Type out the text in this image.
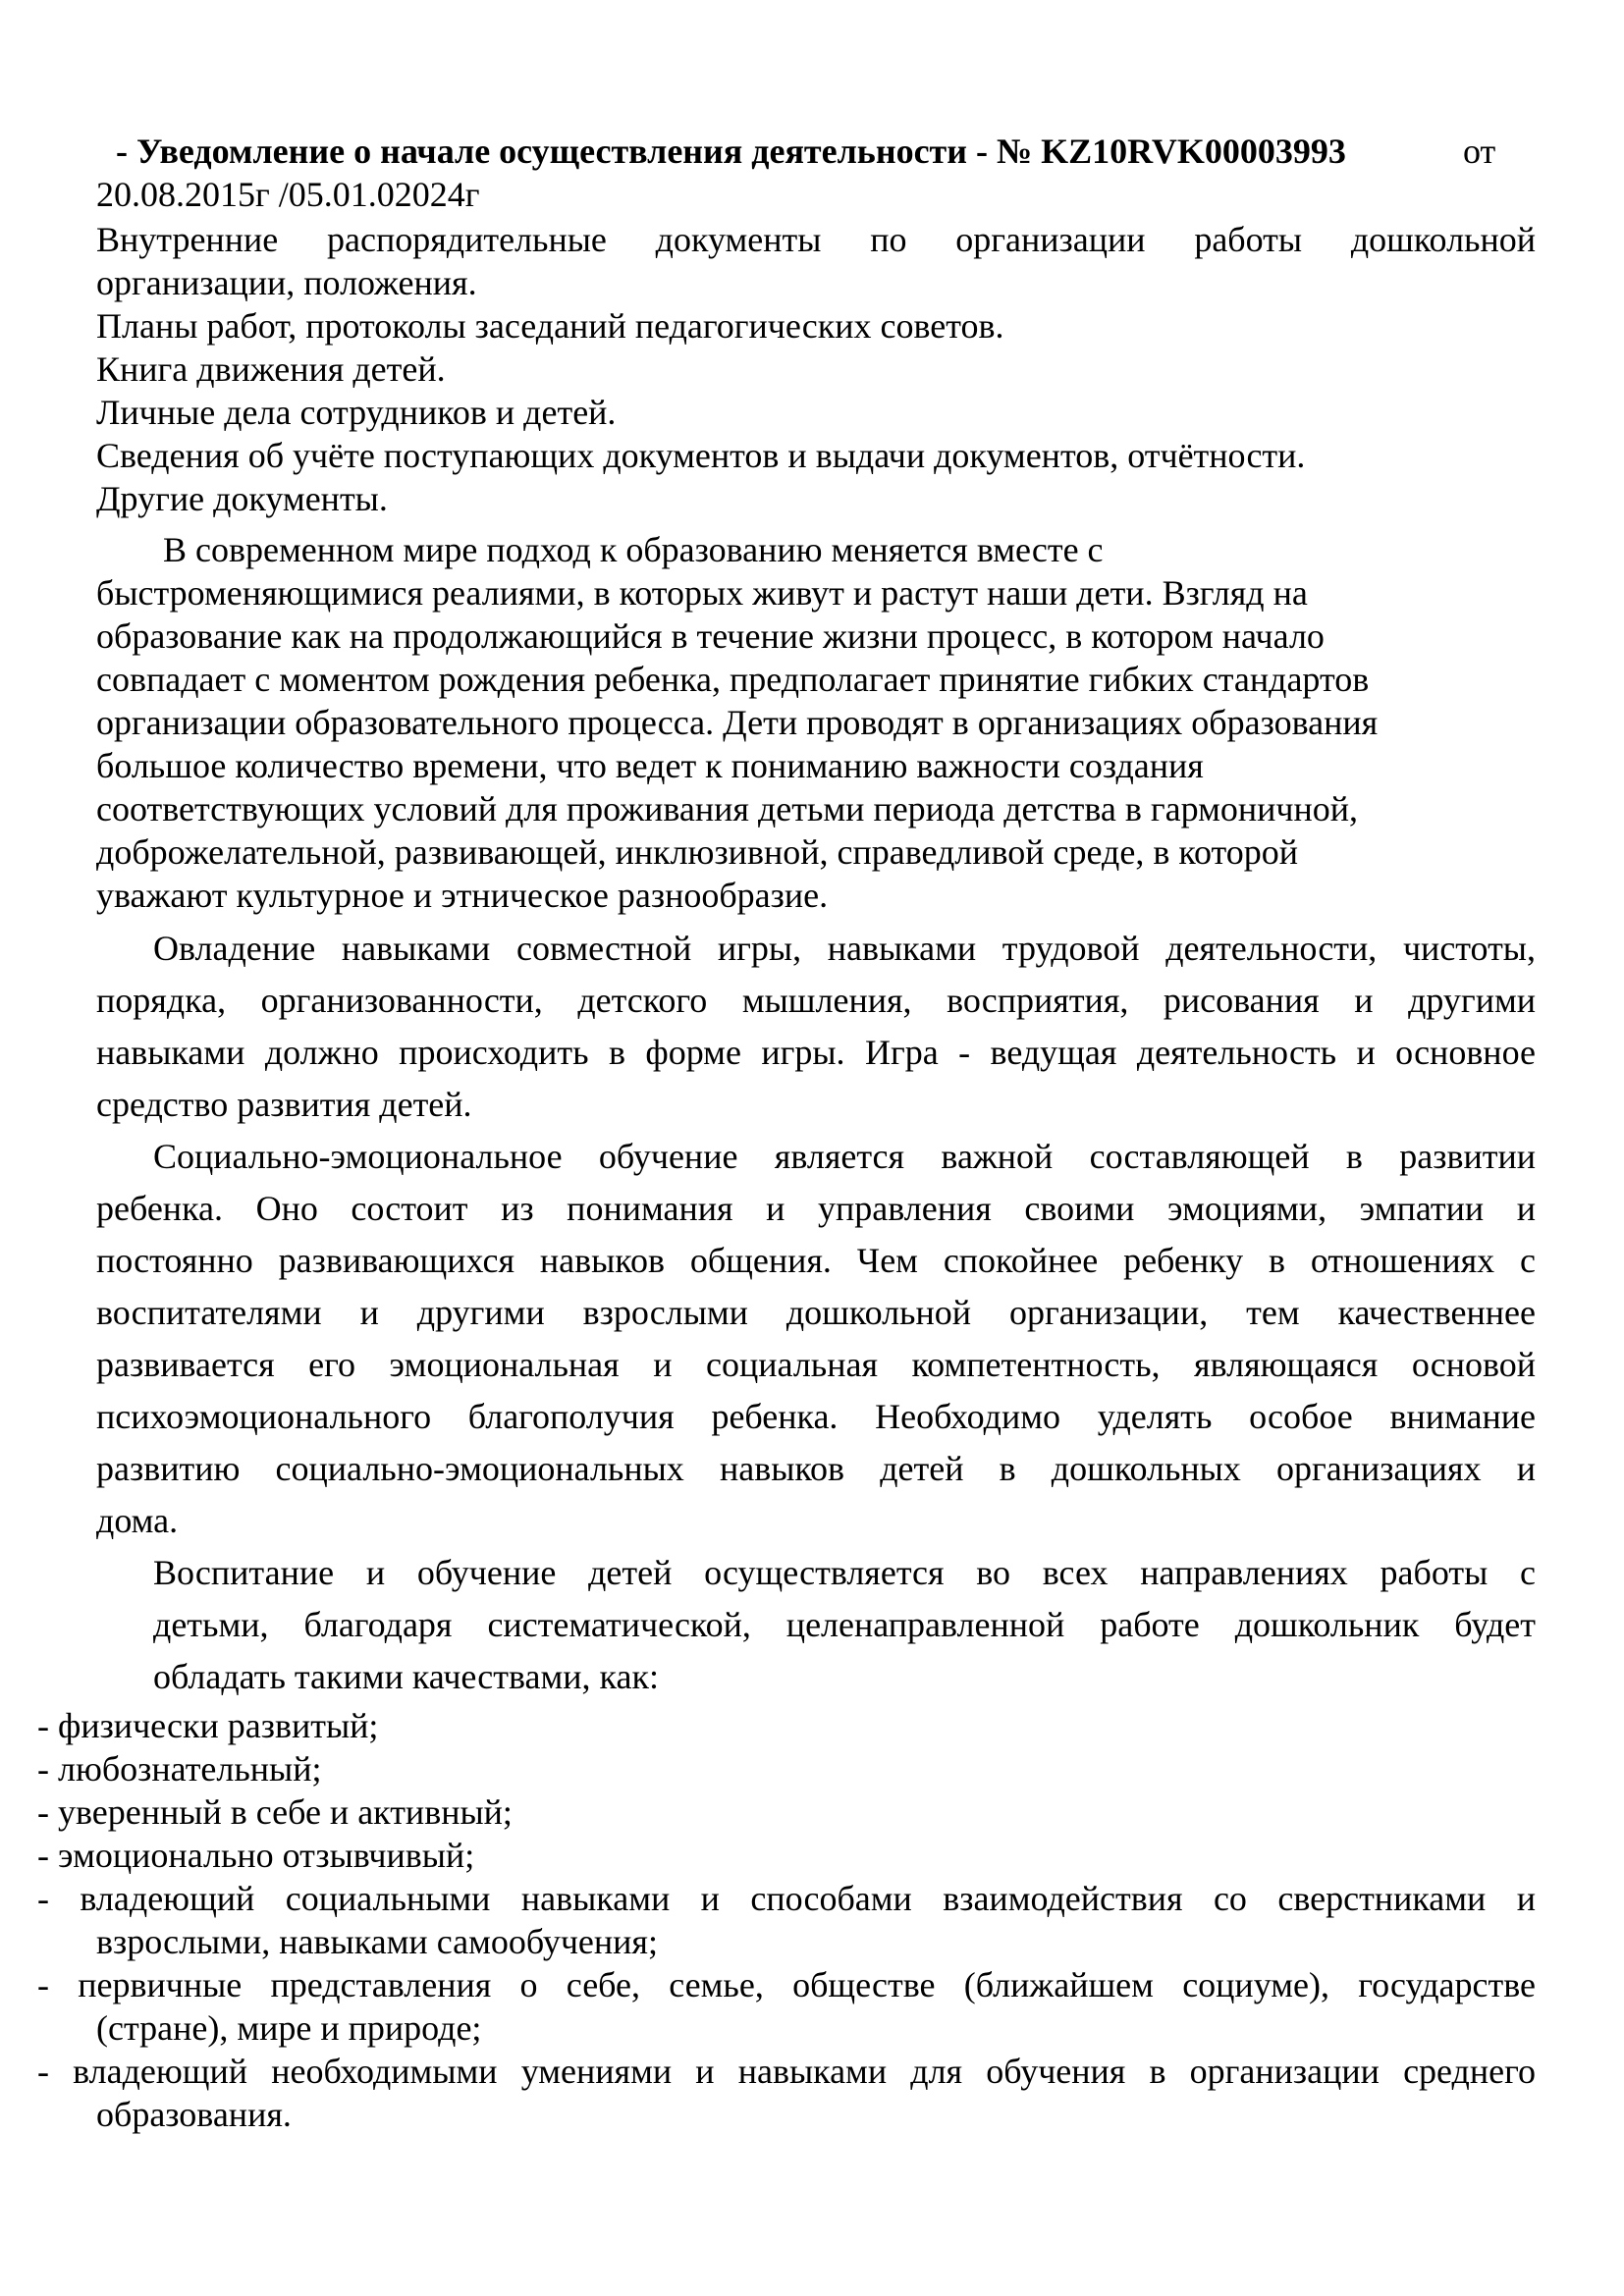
- Уведомление о начале осуществления деятельности - № KZ10RVK00003993	от
20.08.2015г /05.01.02024г
Внутренние распорядительные документы по организации работы дошкольной
организации, положения.
Планы работ, протоколы заседаний педагогических советов.
Книга движения детей.
Личные дела сотрудников и детей.
Сведения об учёте поступающих документов и выдачи документов, отчётности.
Другие документы.
В современном мире подход к образованию меняется вместе с
быстроменяющимися реалиями, в которых живут и растут наши дети. Взгляд на
образование как на продолжающийся в течение жизни процесс, в котором начало
совпадает с моментом рождения ребенка, предполагает принятие гибких стандартов
организации образовательного процесса. Дети проводят в организациях образования
большое количество времени, что ведет к пониманию важности создания
соответствующих условий для проживания детьми периода детства в гармоничной,
доброжелательной, развивающей, инклюзивной, справедливой среде, в которой
уважают культурное и этническое разнообразие.
Овладение навыками совместной игры, навыками трудовой деятельности, чистоты,
порядка, организованности, детского мышления, восприятия, рисования и другими
навыками должно происходить в форме игры. Игра - ведущая деятельность и основное
средство развития детей.
Социально-эмоциональное обучение является важной составляющей в развитии
ребенка. Оно состоит из понимания и управления своими эмоциями, эмпатии и
постоянно развивающихся навыков общения. Чем спокойнее ребенку в отношениях с
воспитателями и другими взрослыми дошкольной организации, тем качественнее
развивается его эмоциональная и социальная компетентность, являющаяся основой
психоэмоционального благополучия ребенка. Необходимо уделять особое внимание
развитию социально-эмоциональных навыков детей в дошкольных организациях и
дома.
Воспитание и обучение детей осуществляется во всех направлениях работы с
детьми, благодаря систематической, целенаправленной работе дошкольник будет
обладать такими качествами, как:
- физически развитый;
- любознательный;
- уверенный в себе и активный;
- эмоционально отзывчивый;
- владеющий социальными навыками и способами взаимодействия со сверстниками и
взрослыми, навыками самообучения;
- первичные представления о себе, семье, обществе (ближайшем социуме), государстве
(стране), мире и природе;
- владеющий необходимыми умениями и навыками для обучения в организации среднего
образования.
